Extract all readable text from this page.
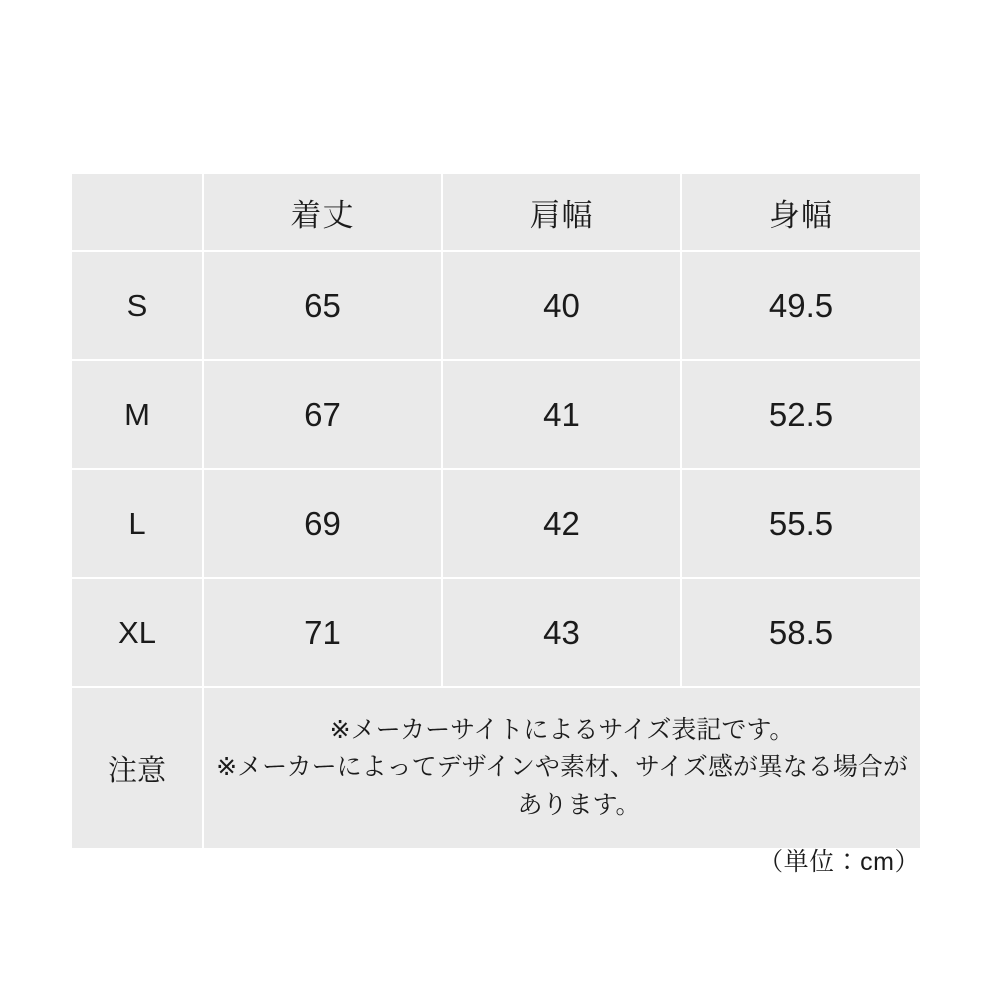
	着丈	肩幅	身幅
S	65	40	49.5
M	67	41	52.5
L	69	42	55.5
XL	71	43	58.5
注意	※メーカーサイトによるサイズ表記です。
※メーカーによってデザインや素材、サイズ感が異なる場合が
あります。		
（単位：cm）
